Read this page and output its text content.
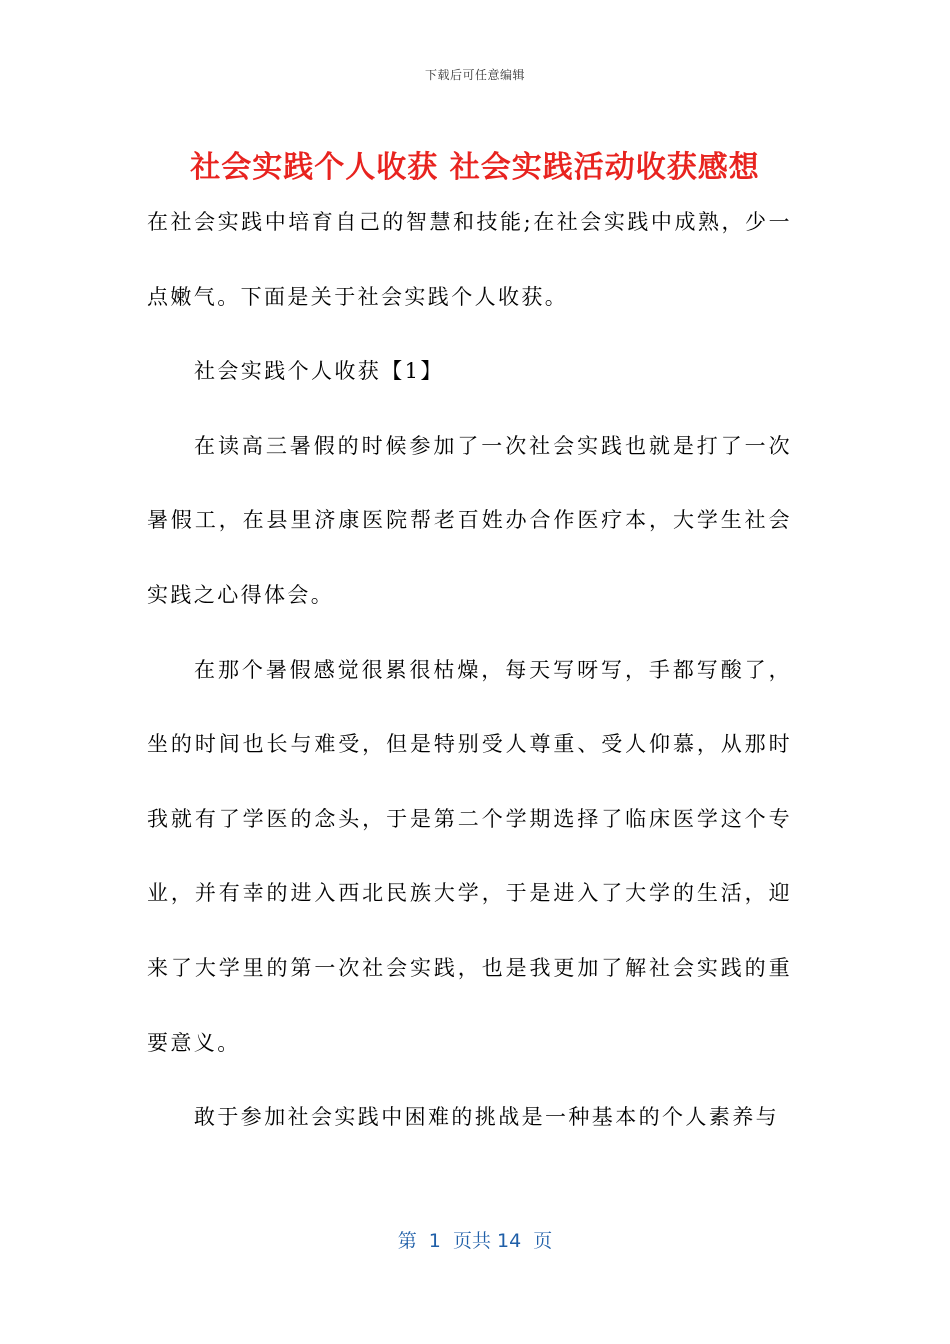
下载后可任意编辑
社会实践个人收获 社会实践活动收获感想

在社会实践中培育自己的智慧和技能;在社会实践中成熟，少一点嫩气。下面是关于社会实践个人收获。

社会实践个人收获【1】

在读高三暑假的时候参加了一次社会实践也就是打了一次暑假工，在县里济康医院帮老百姓办合作医疗本，大学生社会实践之心得体会。

在那个暑假感觉很累很枯燥，每天写呀写，手都写酸了，坐的时间也长与难受，但是特别受人尊重、受人仰慕，从那时我就有了学医的念头，于是第二个学期选择了临床医学这个专业，并有幸的进入西北民族大学，于是进入了大学的生活，迎来了大学里的第一次社会实践，也是我更加了解社会实践的重要意义。

敢于参加社会实践中困难的挑战是一种基本的个人素养与

第  1  页共 14  页
